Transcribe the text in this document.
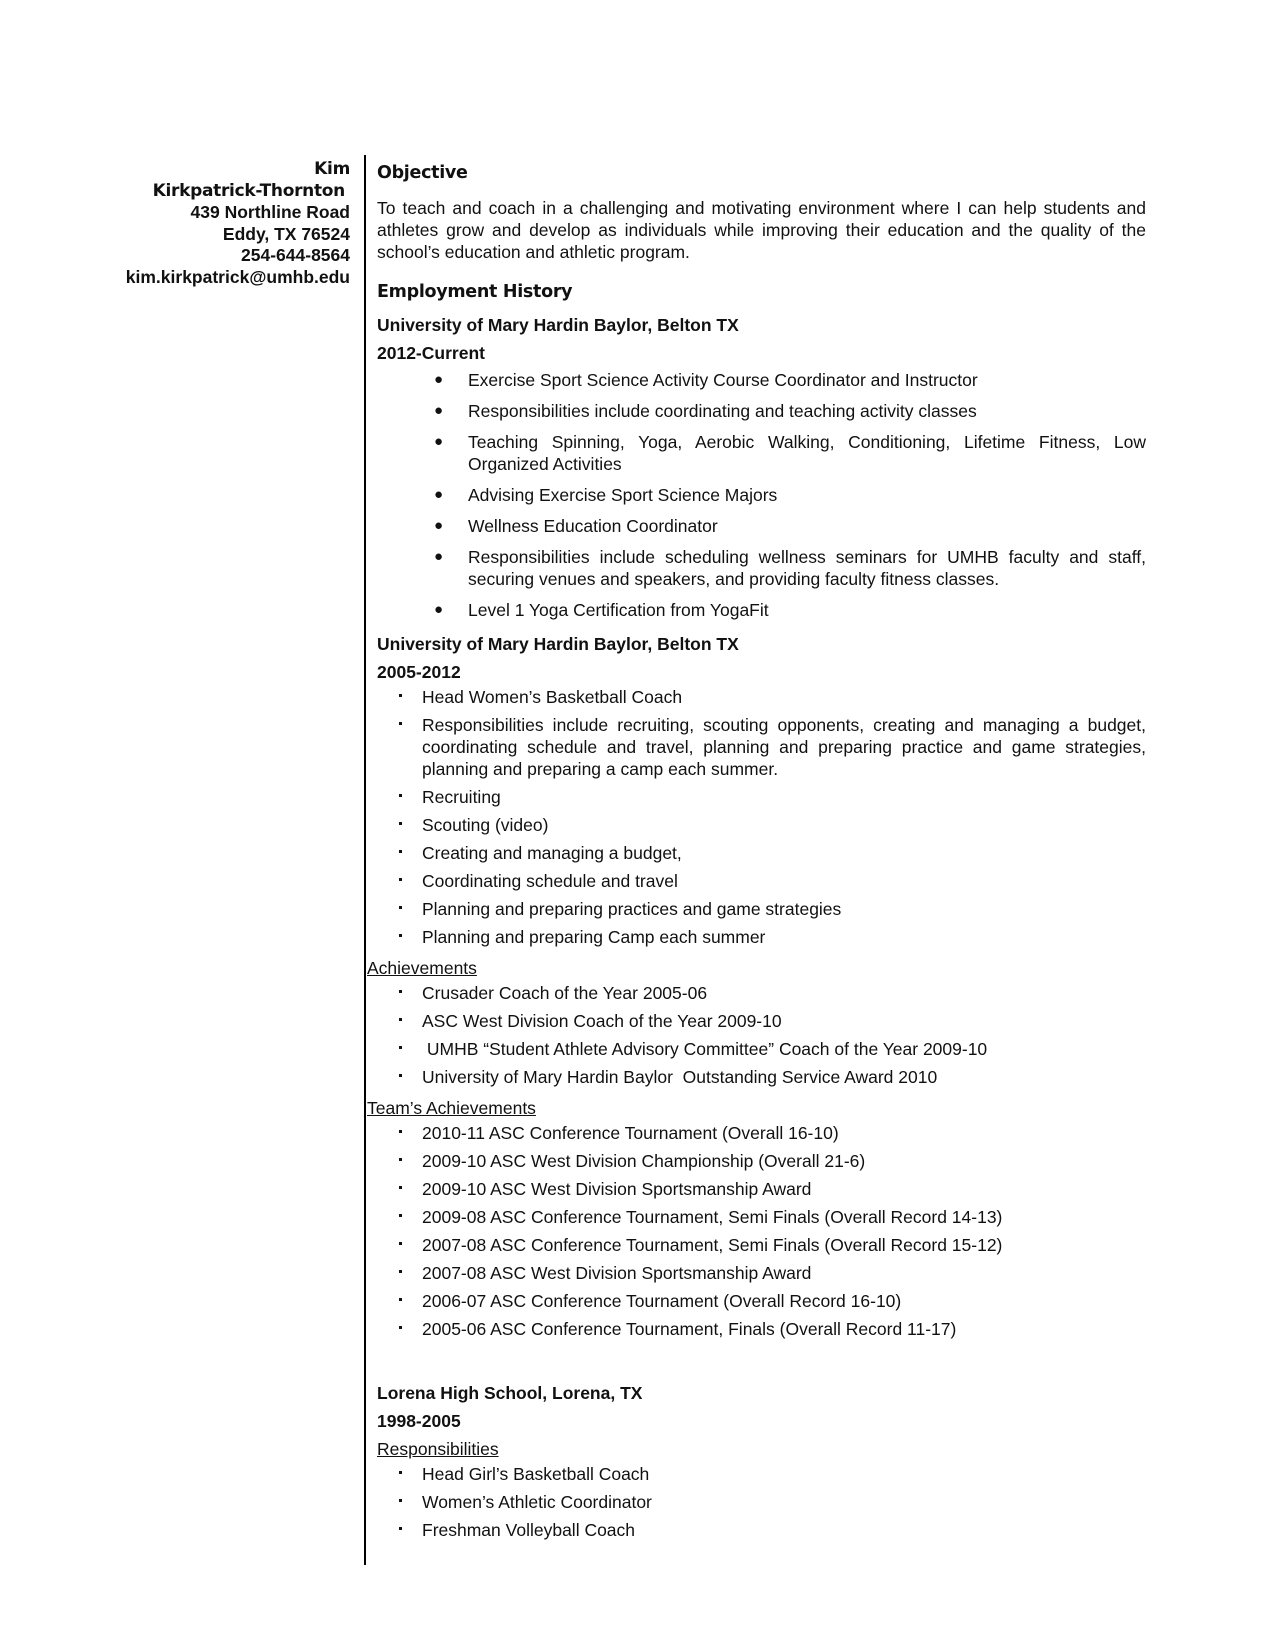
Kim
Kirkpatrick-Thornton
439 Northline Road
Eddy, TX 76524
254-644-8564
kim.kirkpatrick@umhb.edu
Objective
To teach and coach in a challenging and motivating environment where I can help students and athletes grow and develop as individuals while improving their education and the quality of the school’s education and athletic program.
Employment History
University of Mary Hardin Baylor, Belton TX
2012-Current
● Exercise Sport Science Activity Course Coordinator and Instructor
● Responsibilities include coordinating and teaching activity classes
● Teaching Spinning, Yoga, Aerobic Walking, Conditioning, Lifetime Fitness, Low Organized Activities
● Advising Exercise Sport Science Majors
● Wellness Education Coordinator
● Responsibilities include scheduling wellness seminars for UMHB faculty and staff, securing venues and speakers, and providing faculty fitness classes.
● Level 1 Yoga Certification from YogaFit
University of Mary Hardin Baylor, Belton TX
2005-2012
Head Women’s Basketball Coach
Responsibilities include recruiting, scouting opponents, creating and managing a budget, coordinating schedule and travel, planning and preparing practice and game strategies, planning and preparing a camp each summer.
Recruiting
Scouting (video)
Creating and managing a budget,
Coordinating schedule and travel
Planning and preparing practices and game strategies
Planning and preparing Camp each summer
Achievements
Crusader Coach of the Year 2005-06
ASC West Division Coach of the Year 2009-10
UMHB “Student Athlete Advisory Committee” Coach of the Year 2009-10
University of Mary Hardin Baylor  Outstanding Service Award 2010
Team’s Achievements
2010-11 ASC Conference Tournament (Overall 16-10)
2009-10 ASC West Division Championship (Overall 21-6)
2009-10 ASC West Division Sportsmanship Award
2009-08 ASC Conference Tournament, Semi Finals (Overall Record 14-13)
2007-08 ASC Conference Tournament, Semi Finals (Overall Record 15-12)
2007-08 ASC West Division Sportsmanship Award
2006-07 ASC Conference Tournament (Overall Record 16-10)
2005-06 ASC Conference Tournament, Finals (Overall Record 11-17)
Lorena High School, Lorena, TX
1998-2005
Responsibilities
Head Girl’s Basketball Coach
Women’s Athletic Coordinator
Freshman Volleyball Coach
